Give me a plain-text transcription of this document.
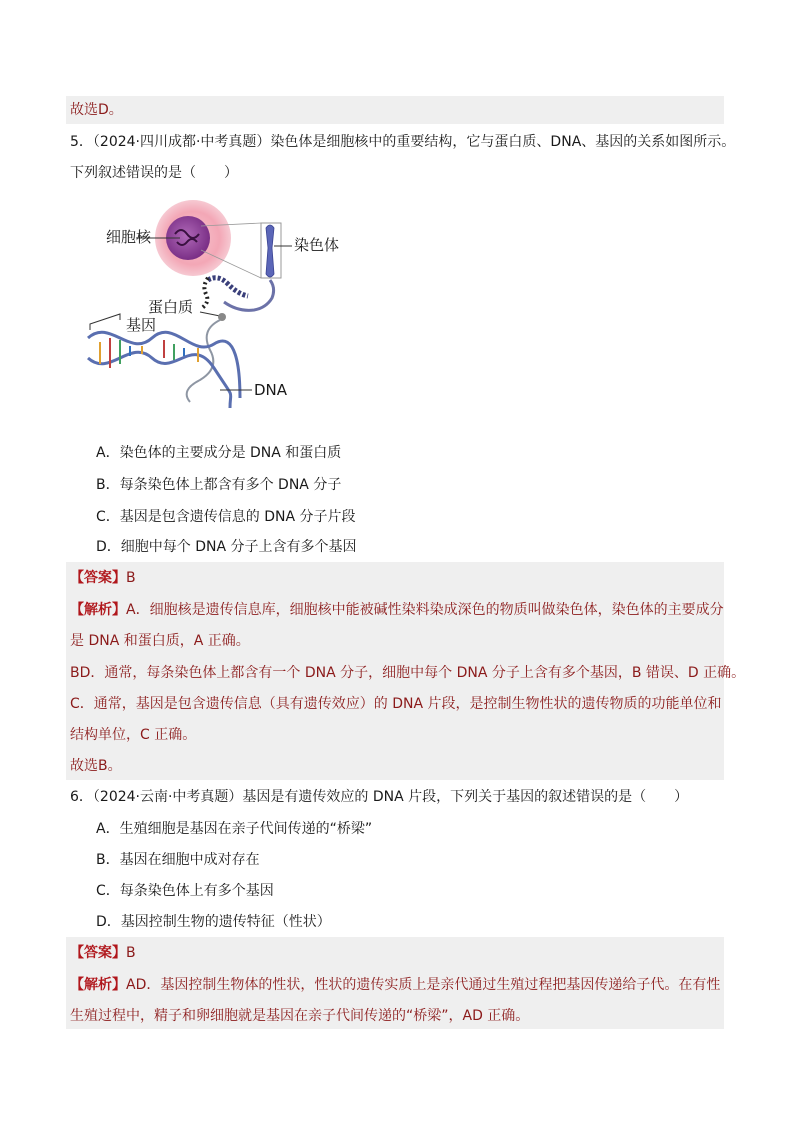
故选D。
5．（2024·四川成都·中考真题）染色体是细胞核中的重要结构，它与蛋白质、DNA、基因的关系如图所示。
下列叙述错误的是（　　）
细胞核	染色体
蛋白质
基因
DNA
A．染色体的主要成分是 DNA 和蛋白质
B．每条染色体上都含有多个 DNA 分子
C．基因是包含遗传信息的 DNA 分子片段
D．细胞中每个 DNA 分子上含有多个基因
【答案】B
【解析】A．细胞核是遗传信息库，细胞核中能被碱性染料染成深色的物质叫做染色体，染色体的主要成分
是 DNA 和蛋白质，A 正确。
BD．通常，每条染色体上都含有一个 DNA 分子，细胞中每个 DNA 分子上含有多个基因，B 错误、D 正确。
C．通常，基因是包含遗传信息（具有遗传效应）的 DNA 片段，是控制生物性状的遗传物质的功能单位和
结构单位，C 正确。
故选B。
6．（2024·云南·中考真题）基因是有遗传效应的 DNA 片段，下列关于基因的叙述错误的是（　　）
A．生殖细胞是基因在亲子代间传递的“桥梁”
B．基因在细胞中成对存在
C．每条染色体上有多个基因
D．基因控制生物的遗传特征（性状）
【答案】B
【解析】AD．基因控制生物体的性状，性状的遗传实质上是亲代通过生殖过程把基因传递给子代。在有性
生殖过程中，精子和卵细胞就是基因在亲子代间传递的“桥梁”，AD 正确。
